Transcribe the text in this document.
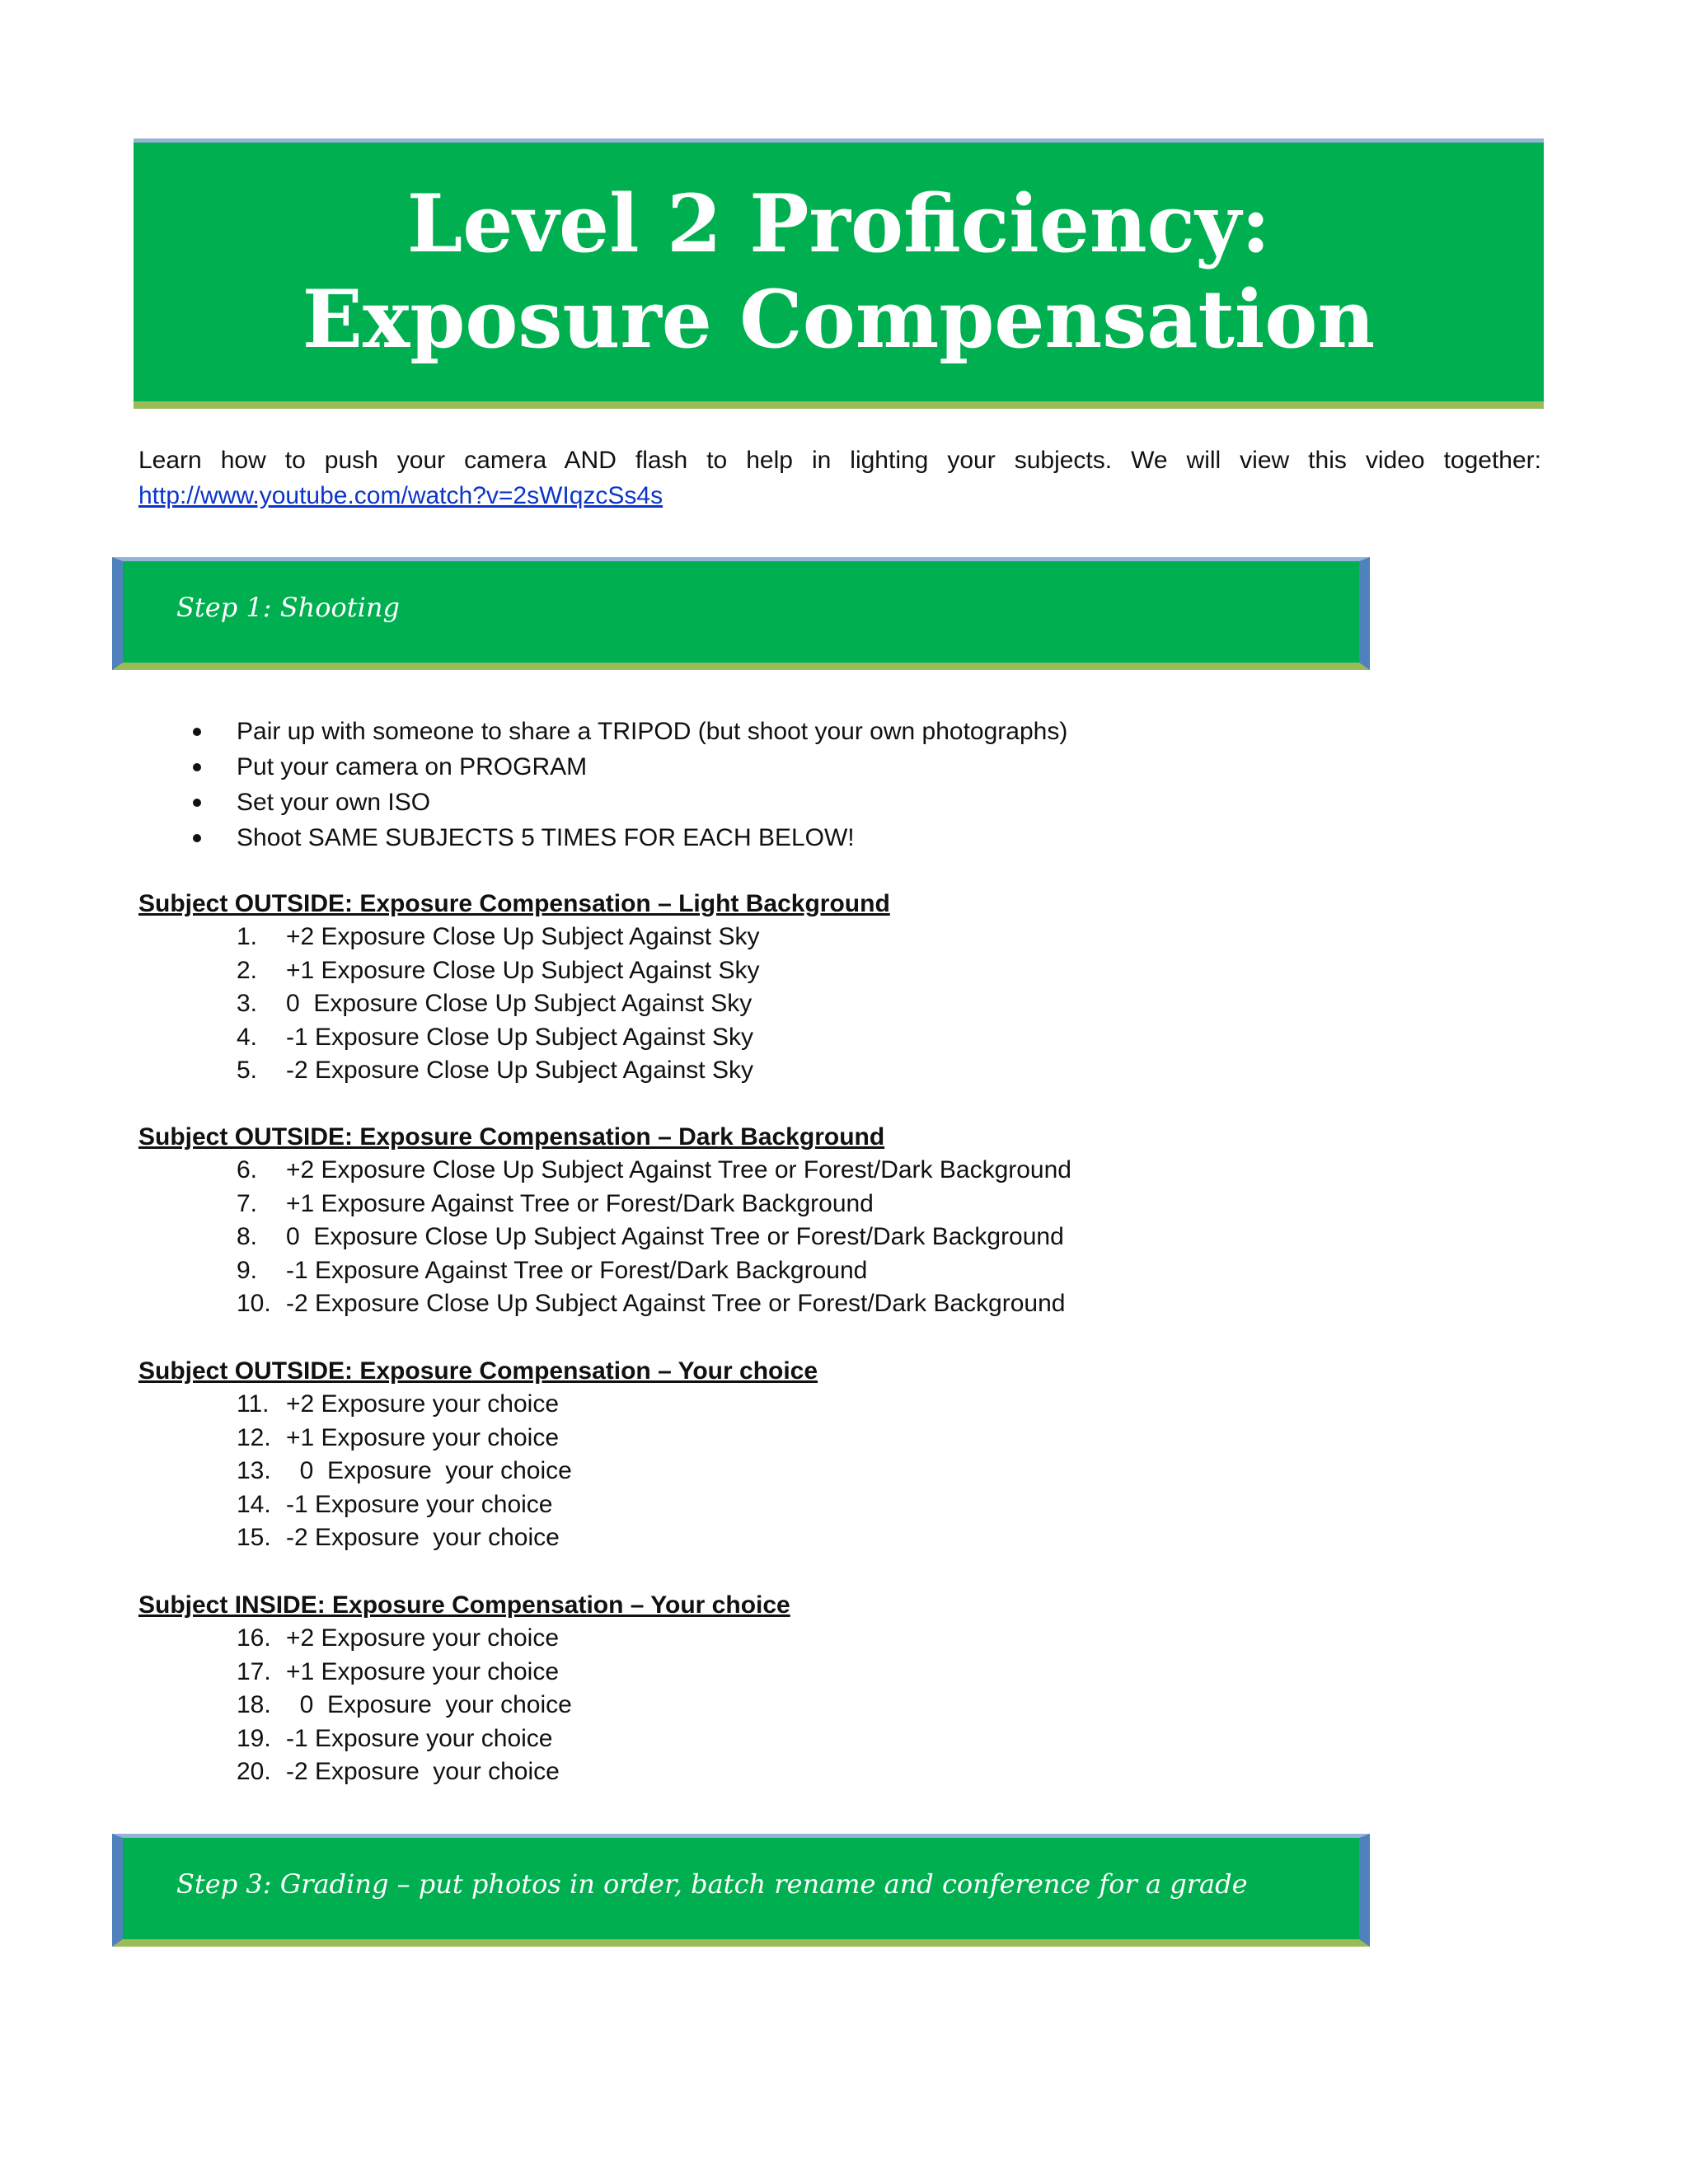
Level 2 Proficiency:
Exposure Compensation
Learn how to push your camera AND flash to help in lighting your subjects. We will view this video together:
http://www.youtube.com/watch?v=2sWIqzcSs4s
Step 1: Shooting
Pair up with someone to share a TRIPOD (but shoot your own photographs)
Put your camera on PROGRAM
Set your own ISO
Shoot SAME SUBJECTS 5 TIMES FOR EACH BELOW!
Subject OUTSIDE: Exposure Compensation – Light Background
1.	+2 Exposure Close Up Subject Against Sky
2.	+1 Exposure Close Up Subject Against Sky
3.	0  Exposure Close Up Subject Against Sky
4.	-1 Exposure Close Up Subject Against Sky
5.	-2 Exposure Close Up Subject Against Sky
Subject OUTSIDE: Exposure Compensation – Dark Background
6.	+2 Exposure Close Up Subject Against Tree or Forest/Dark Background
7.	+1 Exposure Against Tree or Forest/Dark Background
8.	0  Exposure Close Up Subject Against Tree or Forest/Dark Background
9.	-1 Exposure Against Tree or Forest/Dark Background
10. -2 Exposure Close Up Subject Against Tree or Forest/Dark Background
Subject OUTSIDE: Exposure Compensation – Your choice
11. +2 Exposure your choice
12. +1 Exposure your choice
13. 0  Exposure  your choice
14. -1 Exposure your choice
15. -2 Exposure  your choice
Subject INSIDE: Exposure Compensation – Your choice
16. +2 Exposure your choice
17. +1 Exposure your choice
18. 0  Exposure  your choice
19. -1 Exposure your choice
20. -2 Exposure  your choice
Step 3: Grading – put photos in order, batch rename and conference for a grade
